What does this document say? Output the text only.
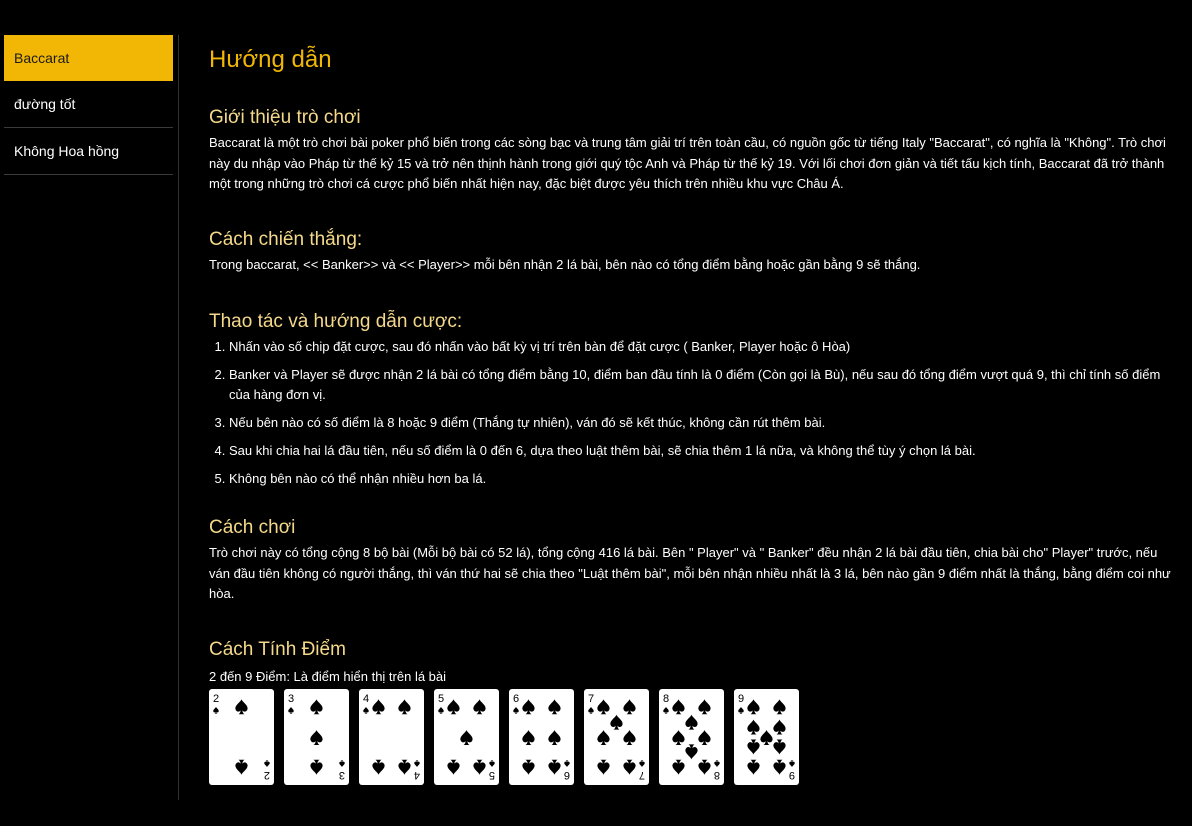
Baccarat
đường tốt
Không Hoa hồng
Hướng dẫn
Giới thiệu trò chơi

Baccarat là một trò chơi bài poker phổ biến trong các sòng bạc và trung tâm giải trí trên toàn cầu, có nguồn gốc từ tiếng Italy "Baccarat", có nghĩa là "Không". Trò chơi này du nhập vào Pháp từ thế kỷ 15 và trở nên thịnh hành trong giới quý tộc Anh và Pháp từ thế kỷ 19. Với lối chơi đơn giản và tiết tấu kịch tính, Baccarat đã trở thành một trong những trò chơi cá cược phổ biến nhất hiện nay, đặc biệt được yêu thích trên nhiều khu vực Châu Á.

Cách chiến thắng:

Trong baccarat, << Banker>> và << Player>> mỗi bên nhận 2 lá bài, bên nào có tổng điểm bằng hoặc gần bằng 9 sẽ thắng.

Thao tác và hướng dẫn cược:
1. Nhấn vào số chip đặt cược, sau đó nhấn vào bất kỳ vị trí trên bàn để đặt cược ( Banker, Player hoặc ô Hòa)
2. Banker và Player sẽ được nhận 2 lá bài có tổng điểm bằng 10, điểm ban đầu tính là 0 điểm (Còn gọi là Bù), nếu sau đó tổng điểm vượt quá 9, thì chỉ tính số điểm của hàng đơn vị.
3. Nếu bên nào có số điểm là 8 hoặc 9 điểm (Thắng tự nhiên), ván đó sẽ kết thúc, không cần rút thêm bài.
4. Sau khi chia hai lá đầu tiên, nếu số điểm là 0 đến 6, dựa theo luật thêm bài, sẽ chia thêm 1 lá nữa, và không thể tùy ý chọn lá bài.
5. Không bên nào có thể nhận nhiều hơn ba lá.
Cách chơi

Trò chơi này có tổng cộng 8 bộ bài (Mỗi bộ bài có 52 lá), tổng cộng 416 lá bài. Bên " Player" và " Banker" đều nhận 2 lá bài đầu tiên, chia bài cho" Player" trước, nếu ván đầu tiên không có người thắng, thì ván thứ hai sẽ chia theo "Luật thêm bài", mỗi bên nhận nhiều nhất là 3 lá, bên nào gần 9 điểm nhất là thắng, bằng điểm coi như hòa.

Cách Tính Điểm

2 đến 9 Điểm: Là điểm hiển thị trên lá bài

2
2
3
3
4
4
5
5
6
6
7
7
8
8
9
9
